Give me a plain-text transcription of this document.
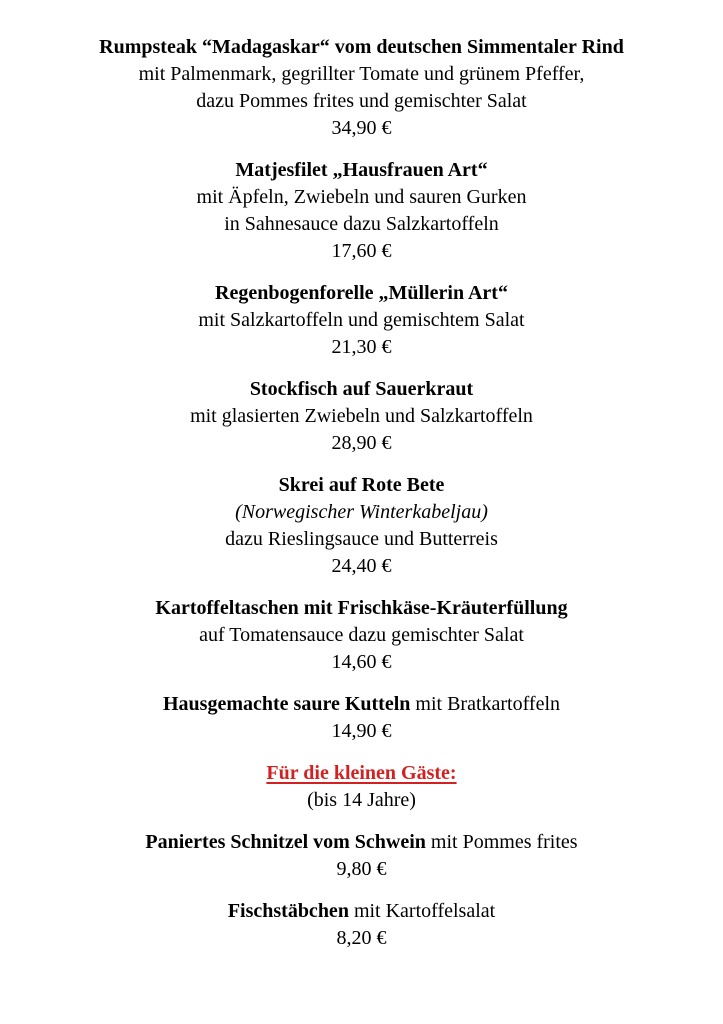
Rumpsteak “Madagaskar“ vom deutschen Simmentaler Rind
mit Palmenmark, gegrillter Tomate und grünem Pfeffer,
dazu Pommes frites und gemischter Salat
34,90 €
Matjesfilet „Hausfrauen Art“
mit Äpfeln, Zwiebeln und sauren Gurken
in Sahnesauce dazu Salzkartoffeln
17,60 €
Regenbogenforelle „Müllerin Art“
mit Salzkartoffeln und gemischtem Salat
21,30 €
Stockfisch auf Sauerkraut
mit glasierten Zwiebeln und Salzkartoffeln
28,90 €
Skrei auf Rote Bete
(Norwegischer Winterkabeljau)
dazu Rieslingsauce und Butterreis
24,40 €
Kartoffeltaschen mit Frischkäse-Kräuterfüllung
auf Tomatensauce dazu gemischter Salat
14,60 €
Hausgemachte saure Kutteln mit Bratkartoffeln
14,90 €
Für die kleinen Gäste:
(bis 14 Jahre)
Paniertes Schnitzel vom Schwein mit Pommes frites
9,80 €
Fischstäbchen mit Kartoffelsalat
8,20 €
